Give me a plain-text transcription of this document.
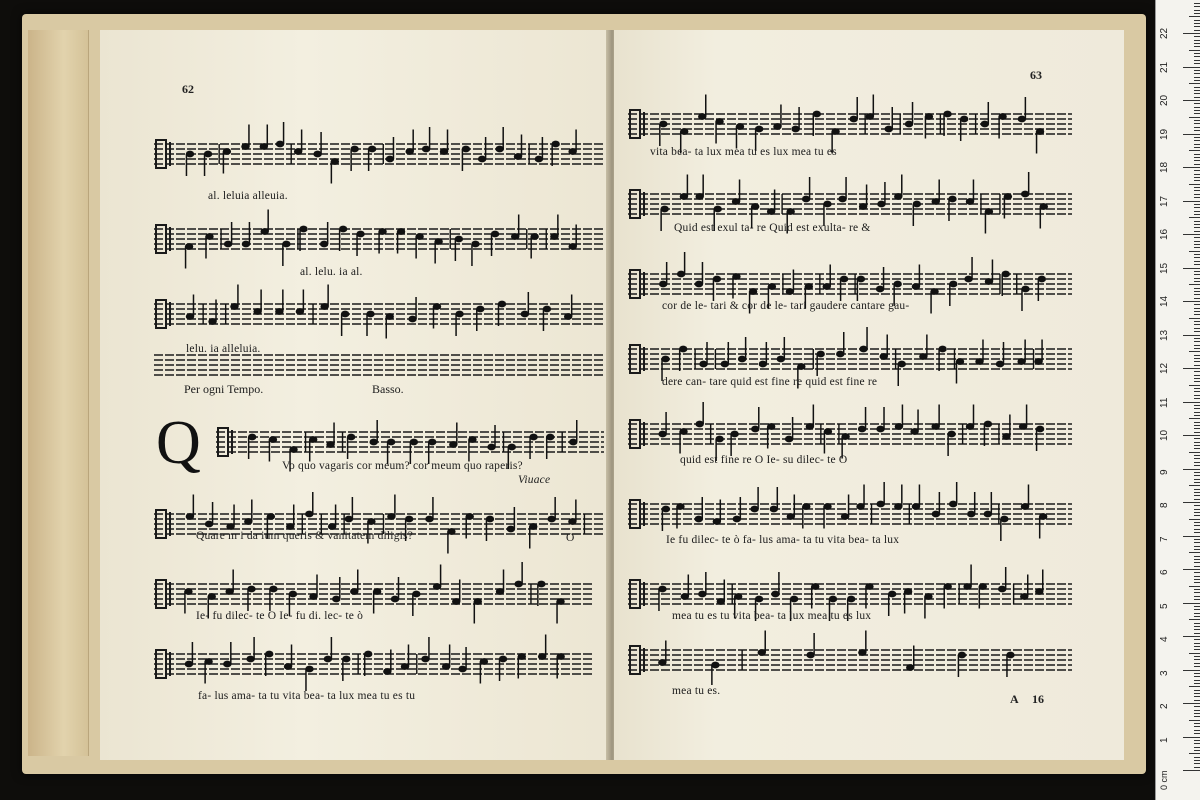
62
al. leluia alleuia.
al. lelu. ia al.
lelu. ia alleluia.
Per ogni Tempo.	Basso.
Q	Vo quo vagaris cor meum? cor meum quo raperis?
Viuace
Quare m i da ium queris & vanitatem diligis?	O
Ie- fu dilec- te O Ie- fu di. lec- te ò
fa- lus ama- ta tu vita bea- ta lux mea tu es tu
63
vita bea- ta lux mea tu es lux mea tu es
Quid est exul ta- re Quid est exulta- re &
cor de le- tari & cor de le- tari gaudere cantare gau-
dere can- tare quid est fine re quid est fine re
quid est fine re O Ie- su dilec- te O
Ie fu dilec- te ò fa- lus ama- ta tu vita bea- ta lux
mea tu es tu vita bea- ta lux mea tu es lux
mea tu es.
A 16
0 cm
1
2
3
4
5
6
7
8
9
10
11
12
13
14
15
16
17
18
19
20
21
22
